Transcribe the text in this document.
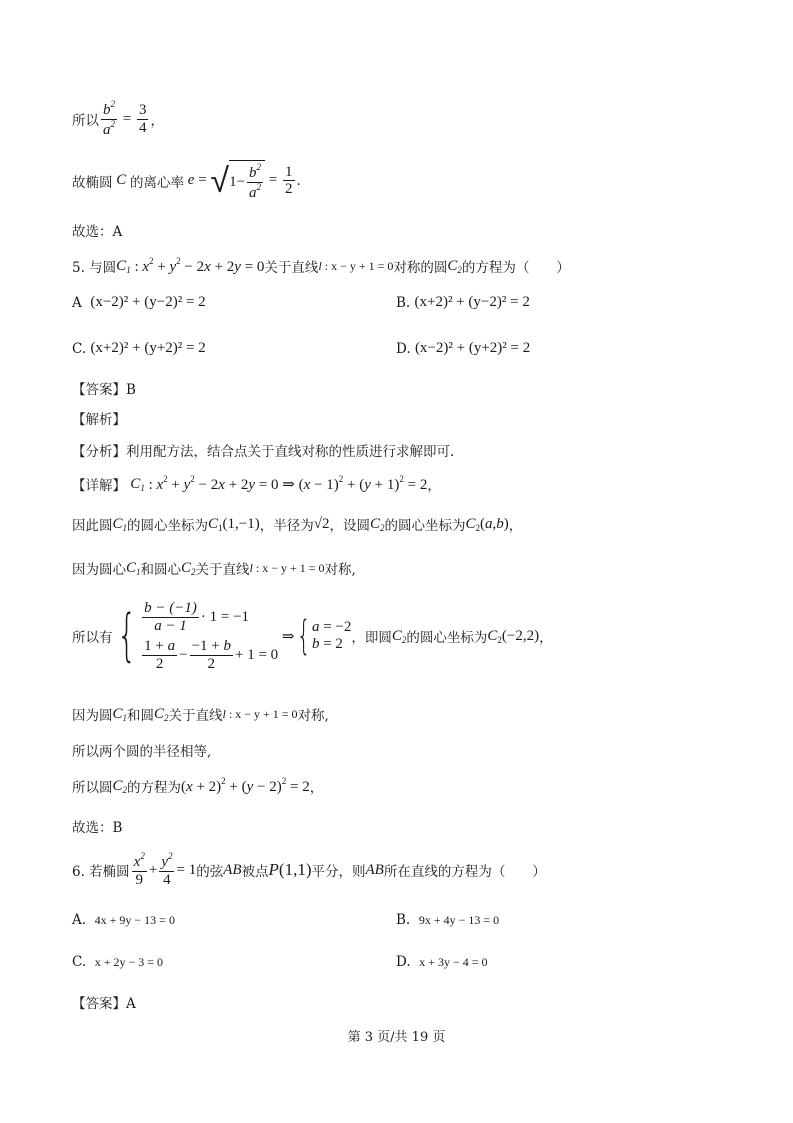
所以 $\frac{b^2}{a^2} = \frac{3}{4}$ ，
故椭圆 C 的离心率 e = √ $1- \frac{b^2}{a^2} = \frac{1}{2}$ .
故选：A
5. 与圆 $C_1$ : $x^2 + y^2 - 2x + 2y = 0$ 关于直线 l : x − y + 1 = 0 对称的圆 $C_2$ 的方程为（　　）
A
(x−2)² + (y−2)² = 2	B.
(x+2)² + (y−2)² = 2
C.
(x+2)² + (y+2)² = 2	D.
(x−2)² + (y+2)² = 2
【答案】B
【解析】
【分析】利用配方法，结合点关于直线对称的性质进行求解即可.
【详解】
$C_1$ : $x^2 + y^2 - 2x + 2y = 0$ ⇒ $(x - 1)^2 + (y + 1)^2 = 2$ ，
因此圆 $C_1$ 的圆心坐标为 $C_1(1,-1)$ ，半径为 √2 ，设圆 $C_2$ 的圆心坐标为 $C_2(a,b)$ ，
因为圆心 $C_1$ 和圆心 $C_2$ 关于直线 l : x − y + 1 = 0 对称,
所以有 { $\frac{b - (-1)}{a - 1} \cdot 1 = -1$
$\frac{1 + a}{2} - \frac{-1 + b}{2} + 1 = 0$
⇒ { a = −2
b = 2 ，即圆 $C_2$ 的圆心坐标为 $C_2(-2,2)$ ，
因为圆 $C_1$ 和圆 $C_2$ 关于直线 l : x − y + 1 = 0 对称,
所以两个圆的半径相等,
所以圆 $C_2$ 的方程为 $(x + 2)^2 + (y - 2)^2 = 2$ ，
故选：B
6. 若椭圆 $\frac{x^2}{9} + \frac{y^2}{4} = 1$ 的弦 AB 被点 P(1,1) 平分，则 AB 所在直线的方程为（　　）
A.
4x + 9y − 13 = 0	B.
9x + 4y − 13 = 0
C.
x + 2y − 3 = 0	D.
x + 3y − 4 = 0
【答案】A
第 3 页/共 19 页
